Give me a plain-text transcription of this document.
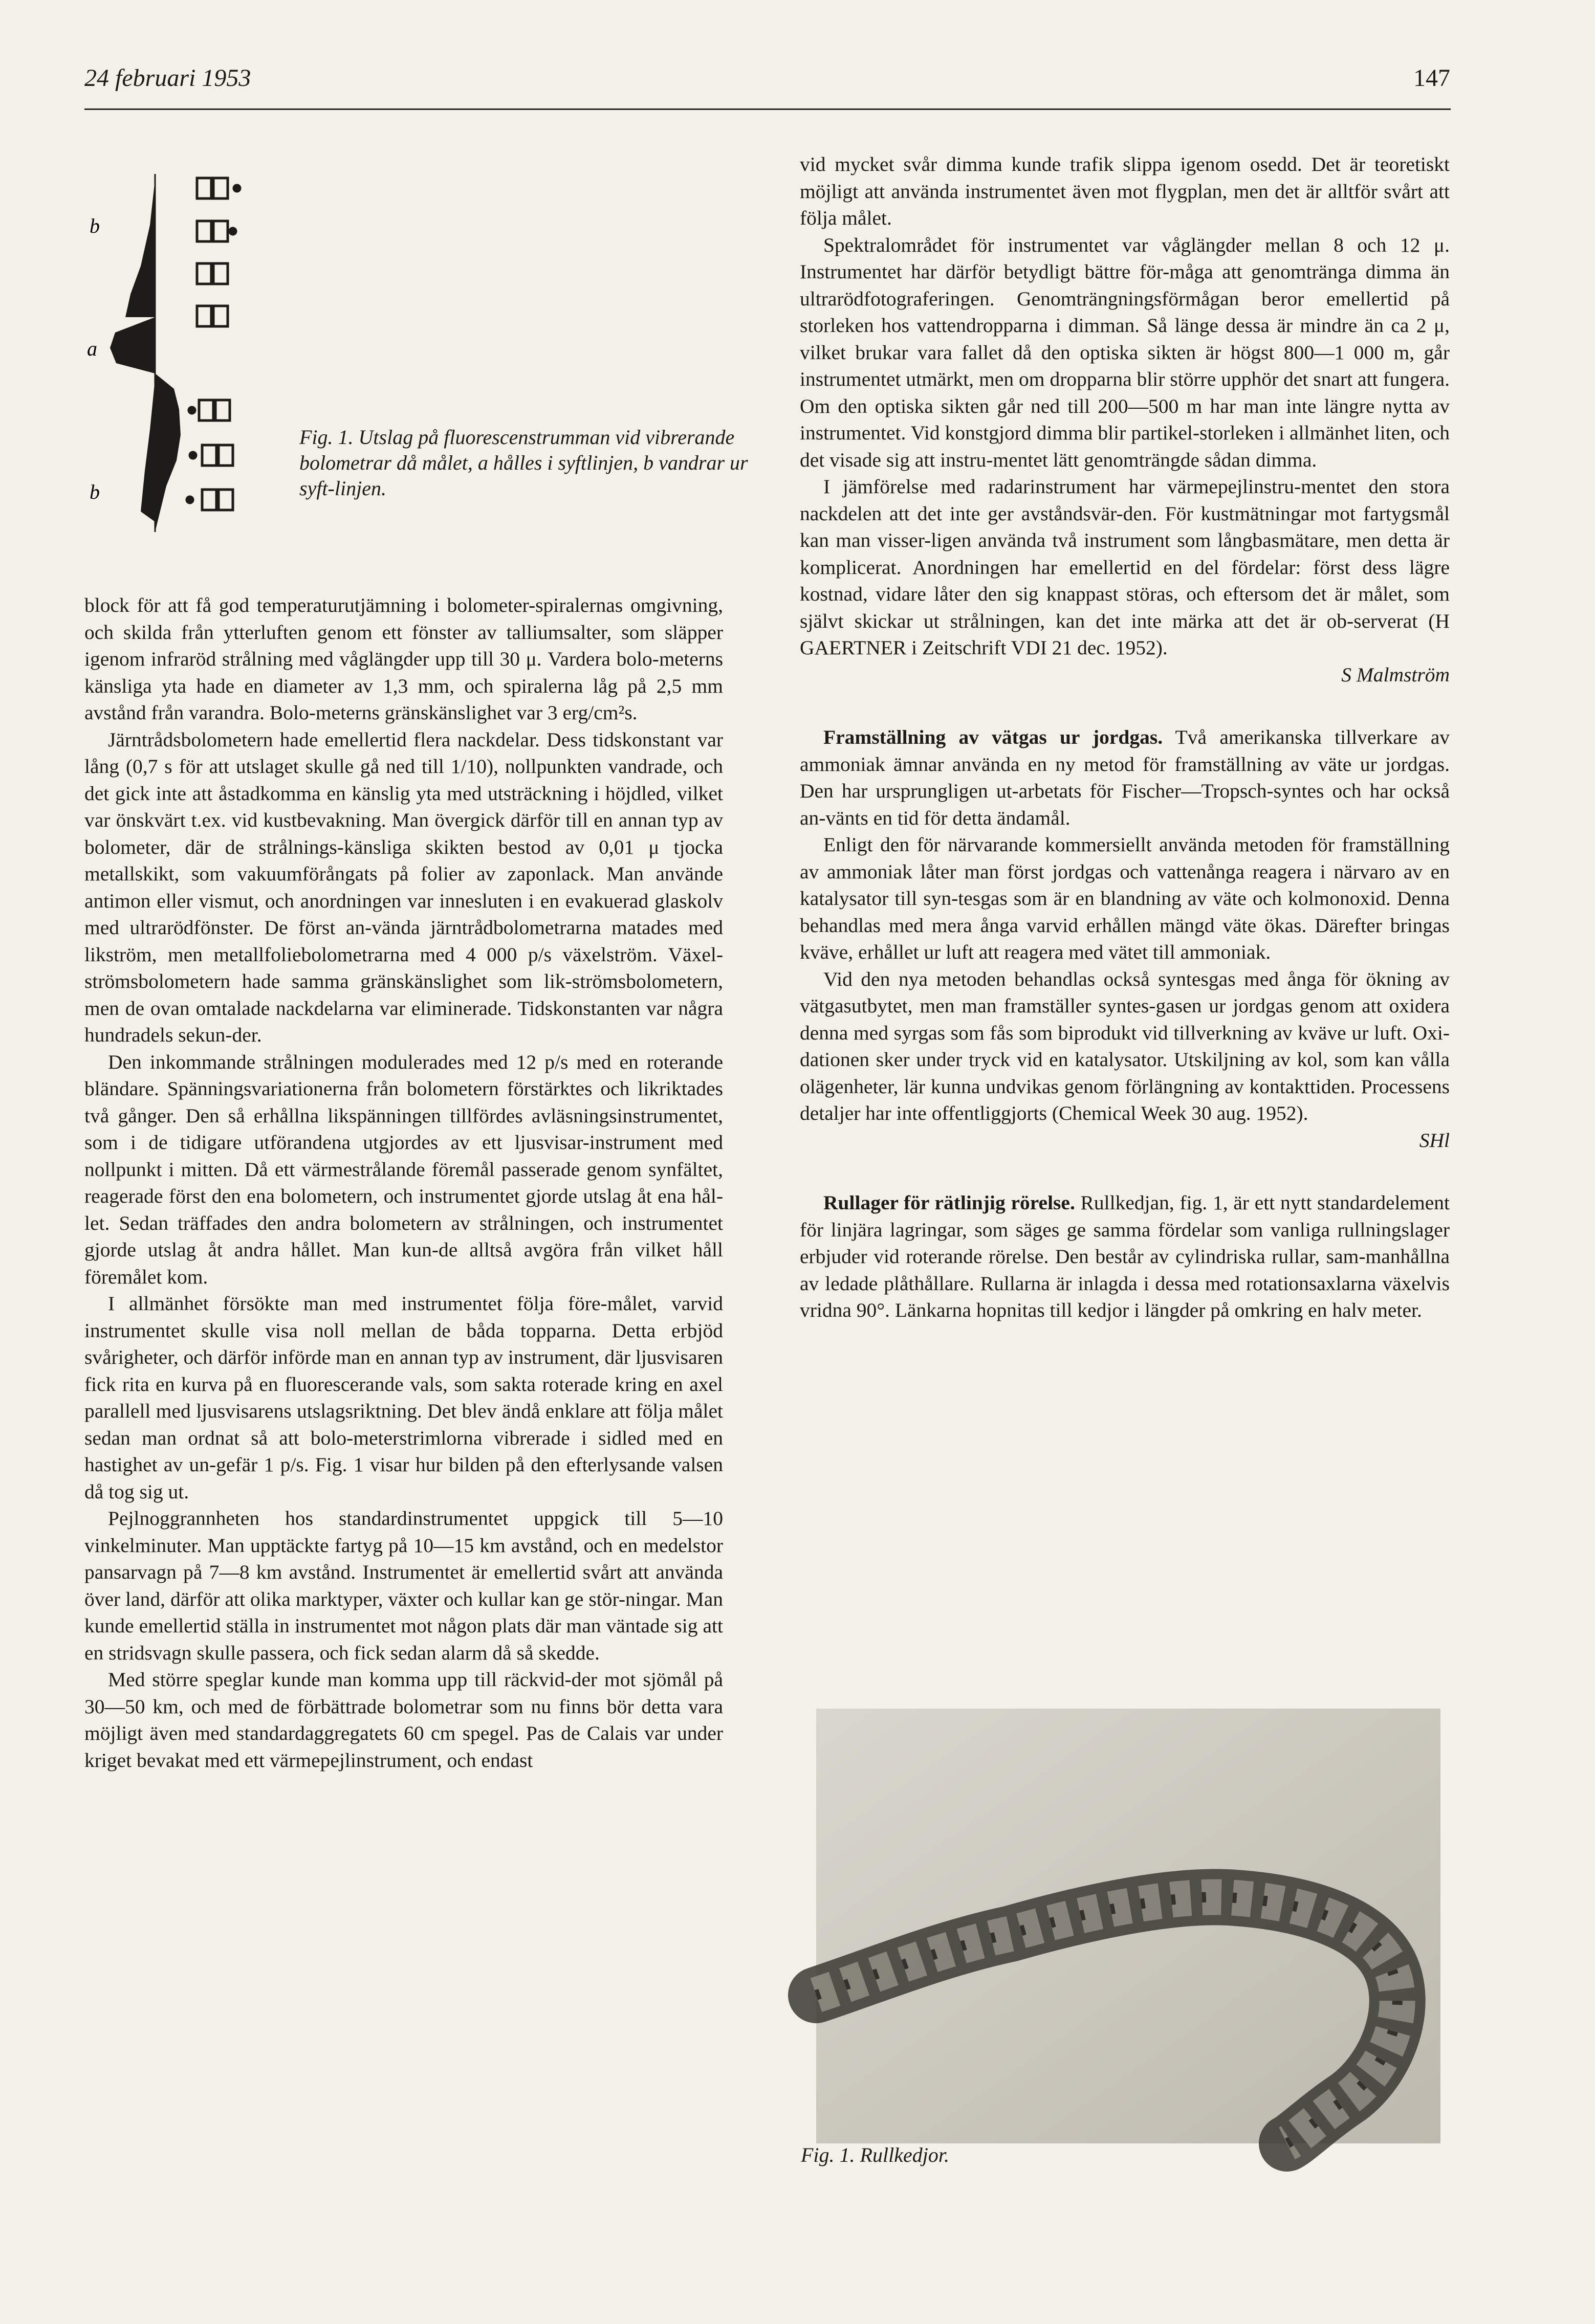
24 februari 1953	147
b
a
b
Fig. 1. Utslag på fluorescenstrumman vid vibrerande bolometrar då målet, a hålles i syftlinjen, b vandrar ur syft-linjen.

block för att få god temperaturutjämning i bolometer-spiralernas omgivning, och skilda från ytterluften genom ett fönster av talliumsalter, som släpper igenom infraröd strålning med våglängder upp till 30 μ. Vardera bolo-meterns känsliga yta hade en diameter av 1,3 mm, och spiralerna låg på 2,5 mm avstånd från varandra. Bolo-meterns gränskänslighet var 3 erg/cm²s.

Järntrådsbolometern hade emellertid flera nackdelar. Dess tidskonstant var lång (0,7 s för att utslaget skulle gå ned till 1/10), nollpunkten vandrade, och det gick inte att åstadkomma en känslig yta med utsträckning i höjdled, vilket var önskvärt t.ex. vid kustbevakning. Man övergick därför till en annan typ av bolometer, där de strålnings-känsliga skikten bestod av 0,01 μ tjocka metallskikt, som vakuumförångats på folier av zaponlack. Man använde antimon eller vismut, och anordningen var innesluten i en evakuerad glaskolv med ultrarödfönster. De först an-vända järntrådbolometrarna matades med likström, men metallfoliebolometrarna med 4 000 p/s växelström. Växel-strömsbolometern hade samma gränskänslighet som lik-strömsbolometern, men de ovan omtalade nackdelarna var eliminerade. Tidskonstanten var några hundradels sekun-der.

Den inkommande strålningen modulerades med 12 p/s med en roterande bländare. Spänningsvariationerna från bolometern förstärktes och likriktades två gånger. Den så erhållna likspänningen tillfördes avläsningsinstrumentet, som i de tidigare utförandena utgjordes av ett ljusvisar-instrument med nollpunkt i mitten. Då ett värmestrålande föremål passerade genom synfältet, reagerade först den ena bolometern, och instrumentet gjorde utslag åt ena hål-let. Sedan träffades den andra bolometern av strålningen, och instrumentet gjorde utslag åt andra hållet. Man kun-de alltså avgöra från vilket håll föremålet kom.

I allmänhet försökte man med instrumentet följa före-målet, varvid instrumentet skulle visa noll mellan de båda topparna. Detta erbjöd svårigheter, och därför införde man en annan typ av instrument, där ljusvisaren fick rita en kurva på en fluorescerande vals, som sakta roterade kring en axel parallell med ljusvisarens utslagsriktning. Det blev ändå enklare att följa målet sedan man ordnat så att bolo-meterstrimlorna vibrerade i sidled med en hastighet av un-gefär 1 p/s. Fig. 1 visar hur bilden på den efterlysande valsen då tog sig ut.

Pejlnoggrannheten hos standardinstrumentet uppgick till 5—10 vinkelminuter. Man upptäckte fartyg på 10—15 km avstånd, och en medelstor pansarvagn på 7—8 km avstånd. Instrumentet är emellertid svårt att använda över land, därför att olika marktyper, växter och kullar kan ge stör-ningar. Man kunde emellertid ställa in instrumentet mot någon plats där man väntade sig att en stridsvagn skulle passera, och fick sedan alarm då så skedde.

Med större speglar kunde man komma upp till räckvid-der mot sjömål på 30—50 km, och med de förbättrade bolometrar som nu finns bör detta vara möjligt även med standardaggregatets 60 cm spegel. Pas de Calais var under kriget bevakat med ett värmepejlinstrument, och endast

vid mycket svår dimma kunde trafik slippa igenom osedd. Det är teoretiskt möjligt att använda instrumentet även mot flygplan, men det är alltför svårt att följa målet.

Spektralområdet för instrumentet var våglängder mellan 8 och 12 μ. Instrumentet har därför betydligt bättre för-måga att genomtränga dimma än ultrarödfotograferingen. Genomträngningsförmågan beror emellertid på storleken hos vattendropparna i dimman. Så länge dessa är mindre än ca 2 μ, vilket brukar vara fallet då den optiska sikten är högst 800—1 000 m, går instrumentet utmärkt, men om dropparna blir större upphör det snart att fungera. Om den optiska sikten går ned till 200—500 m har man inte längre nytta av instrumentet. Vid konstgjord dimma blir partikel-storleken i allmänhet liten, och det visade sig att instru-mentet lätt genomträngde sådan dimma.

I jämförelse med radarinstrument har värmepejlinstru-mentet den stora nackdelen att det inte ger avståndsvär-den. För kustmätningar mot fartygsmål kan man visser-ligen använda två instrument som långbasmätare, men detta är komplicerat. Anordningen har emellertid en del fördelar: först dess lägre kostnad, vidare låter den sig knappast störas, och eftersom det är målet, som självt skickar ut strålningen, kan det inte märka att det är ob-serverat (H GAERTNER i Zeitschrift VDI 21 dec. 1952).

S Malmström

Framställning av vätgas ur jordgas. Två amerikanska tillverkare av ammoniak ämnar använda en ny metod för framställning av väte ur jordgas. Den har ursprungligen ut-arbetats för Fischer—Tropsch-syntes och har också an-vänts en tid för detta ändamål.

Enligt den för närvarande kommersiellt använda metoden för framställning av ammoniak låter man först jordgas och vattenånga reagera i närvaro av en katalysator till syn-tesgas som är en blandning av väte och kolmonoxid. Denna behandlas med mera ånga varvid erhållen mängd väte ökas. Därefter bringas kväve, erhållet ur luft att reagera med vätet till ammoniak.

Vid den nya metoden behandlas också syntesgas med ånga för ökning av vätgasutbytet, men man framställer syntes-gasen ur jordgas genom att oxidera denna med syrgas som fås som biprodukt vid tillverkning av kväve ur luft. Oxi-dationen sker under tryck vid en katalysator. Utskiljning av kol, som kan vålla olägenheter, lär kunna undvikas genom förlängning av kontakttiden. Processens detaljer har inte offentliggjorts (Chemical Week 30 aug. 1952).

SHl

Rullager för rätlinjig rörelse. Rullkedjan, fig. 1, är ett nytt standardelement för linjära lagringar, som säges ge samma fördelar som vanliga rullningslager erbjuder vid roterande rörelse. Den består av cylindriska rullar, sam-manhållna av ledade plåthållare. Rullarna är inlagda i dessa med rotationsaxlarna växelvis vridna 90°. Länkarna hopnitas till kedjor i längder på omkring en halv meter.

Fig. 1. Rullkedjor.
